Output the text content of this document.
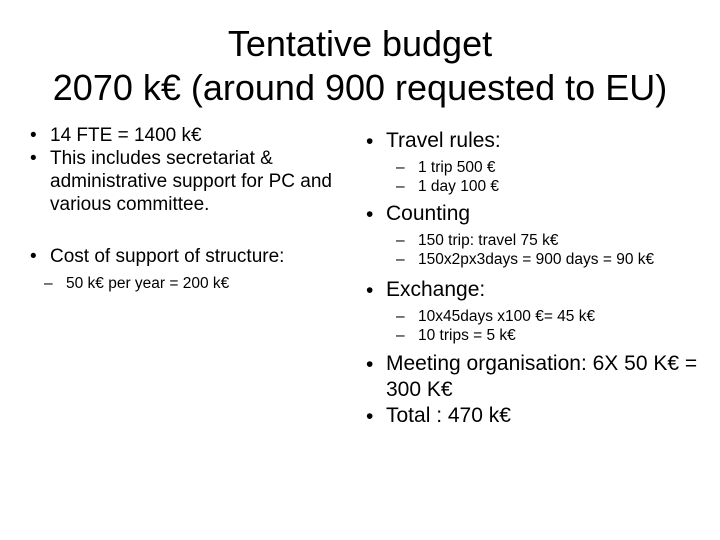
Tentative budget
2070 k€ (around 900 requested to EU)
• 14 FTE = 1400 k€
• This includes secretariat & administrative support for PC and various committee.
• Cost of support of structure:
– 50 k€ per year = 200 k€
• Travel rules:
– 1 trip 500 €
– 1 day 100 €
• Counting
– 150 trip: travel 75 k€
– 150x2px3days = 900 days = 90 k€
• Exchange:
– 10x45days x100 €= 45 k€
– 10 trips = 5 k€
• Meeting organisation: 6X 50 K€ = 300 K€
• Total : 470 k€
